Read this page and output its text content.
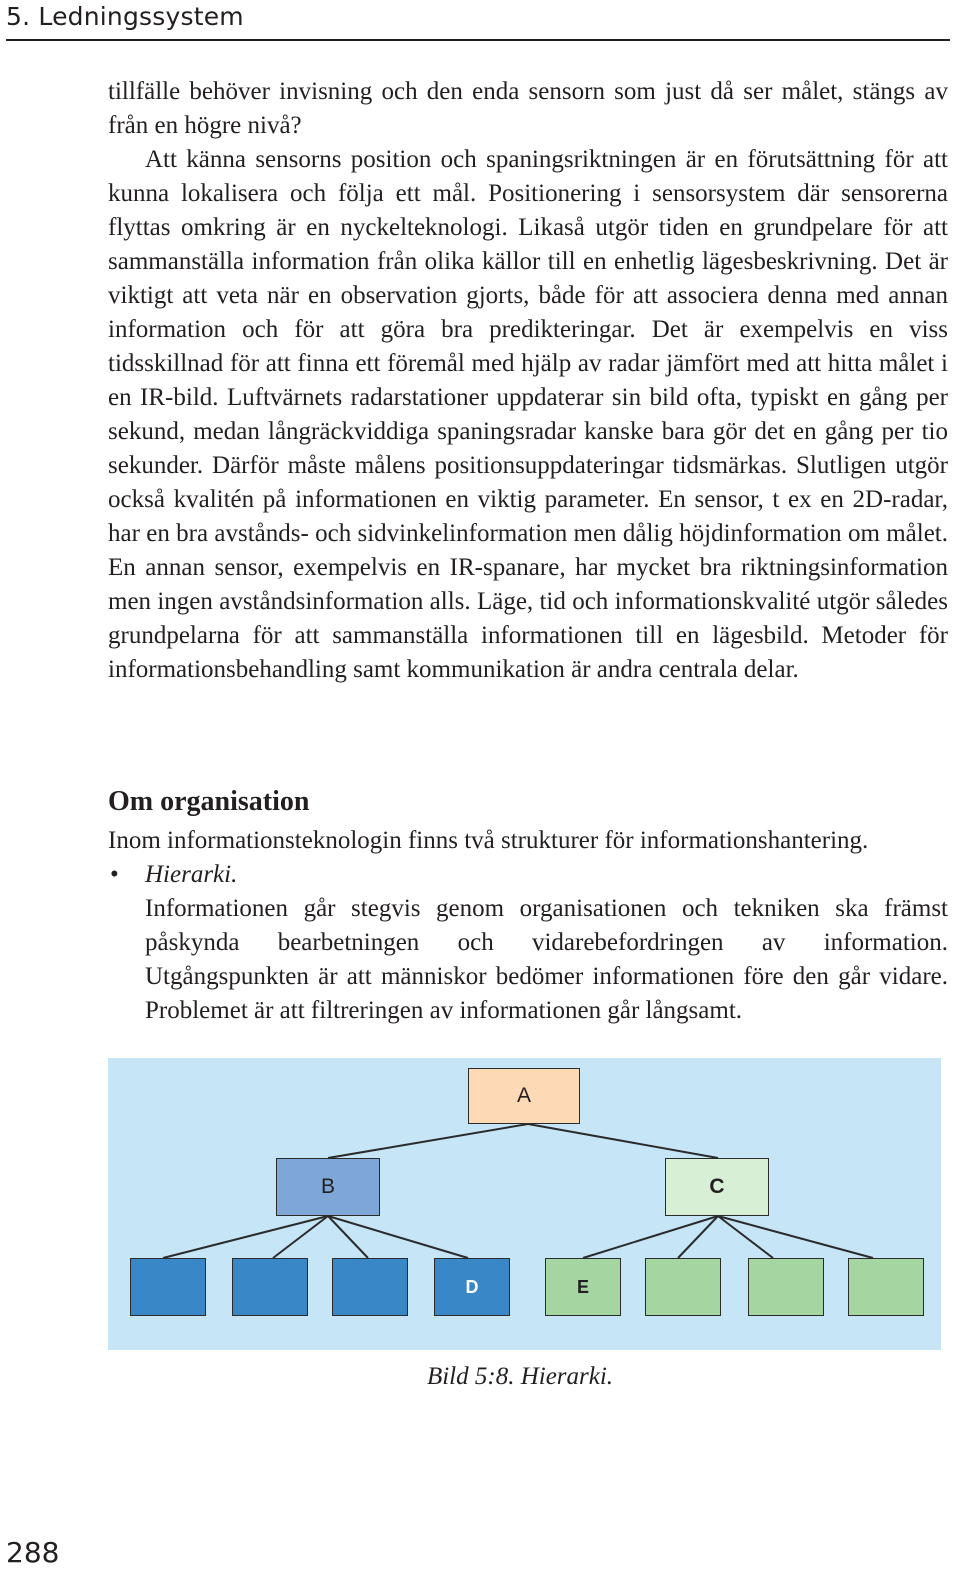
5. Ledningssystem

tillfälle behöver invisning och den enda sensorn som just då ser målet, stängs av från en högre nivå?

Att känna sensorns position och spaningsriktningen är en förutsättning för att kunna lokalisera och följa ett mål. Positionering i sensorsystem där sensorerna flyttas omkring är en nyckelteknologi. Likaså utgör tiden en grundpelare för att sammanställa information från olika källor till en enhetlig lägesbeskrivning. Det är viktigt att veta när en observation gjorts, både för att associera denna med annan information och för att göra bra predikteringar. Det är exempelvis en viss tidsskillnad för att finna ett föremål med hjälp av radar jämfört med att hitta målet i en IR-bild. Luftvärnets radarstationer uppdaterar sin bild ofta, typiskt en gång per sekund, medan långräckviddiga spaningsradar kanske bara gör det en gång per tio sekunder. Därför måste målens positionsuppdateringar tidsmärkas. Slutligen utgör också kvalitén på informationen en viktig parameter. En sensor, t ex en 2D-radar, har en bra avstånds- och sidvinkelinformation men dålig höjdinformation om målet. En annan sensor, exempelvis en IR-spanare, har mycket bra riktningsinformation men ingen avståndsinformation alls. Läge, tid och informationskvalité utgör således grundpelarna för att sammanställa informationen till en lägesbild. Metoder för informationsbehandling samt kommunikation är andra centrala delar.

Om organisation

Inom informationsteknologin finns två strukturer för informationshantering.

• Hierarki.

Informationen går stegvis genom organisationen och tekniken ska främst påskynda bearbetningen och vidarebefordringen av information. Utgångspunkten är att människor bedömer informationen före den går vidare. Problemet är att filtreringen av informationen går långsamt.

A
B	C
D	E
Bild 5:8. Hierarki.
288
